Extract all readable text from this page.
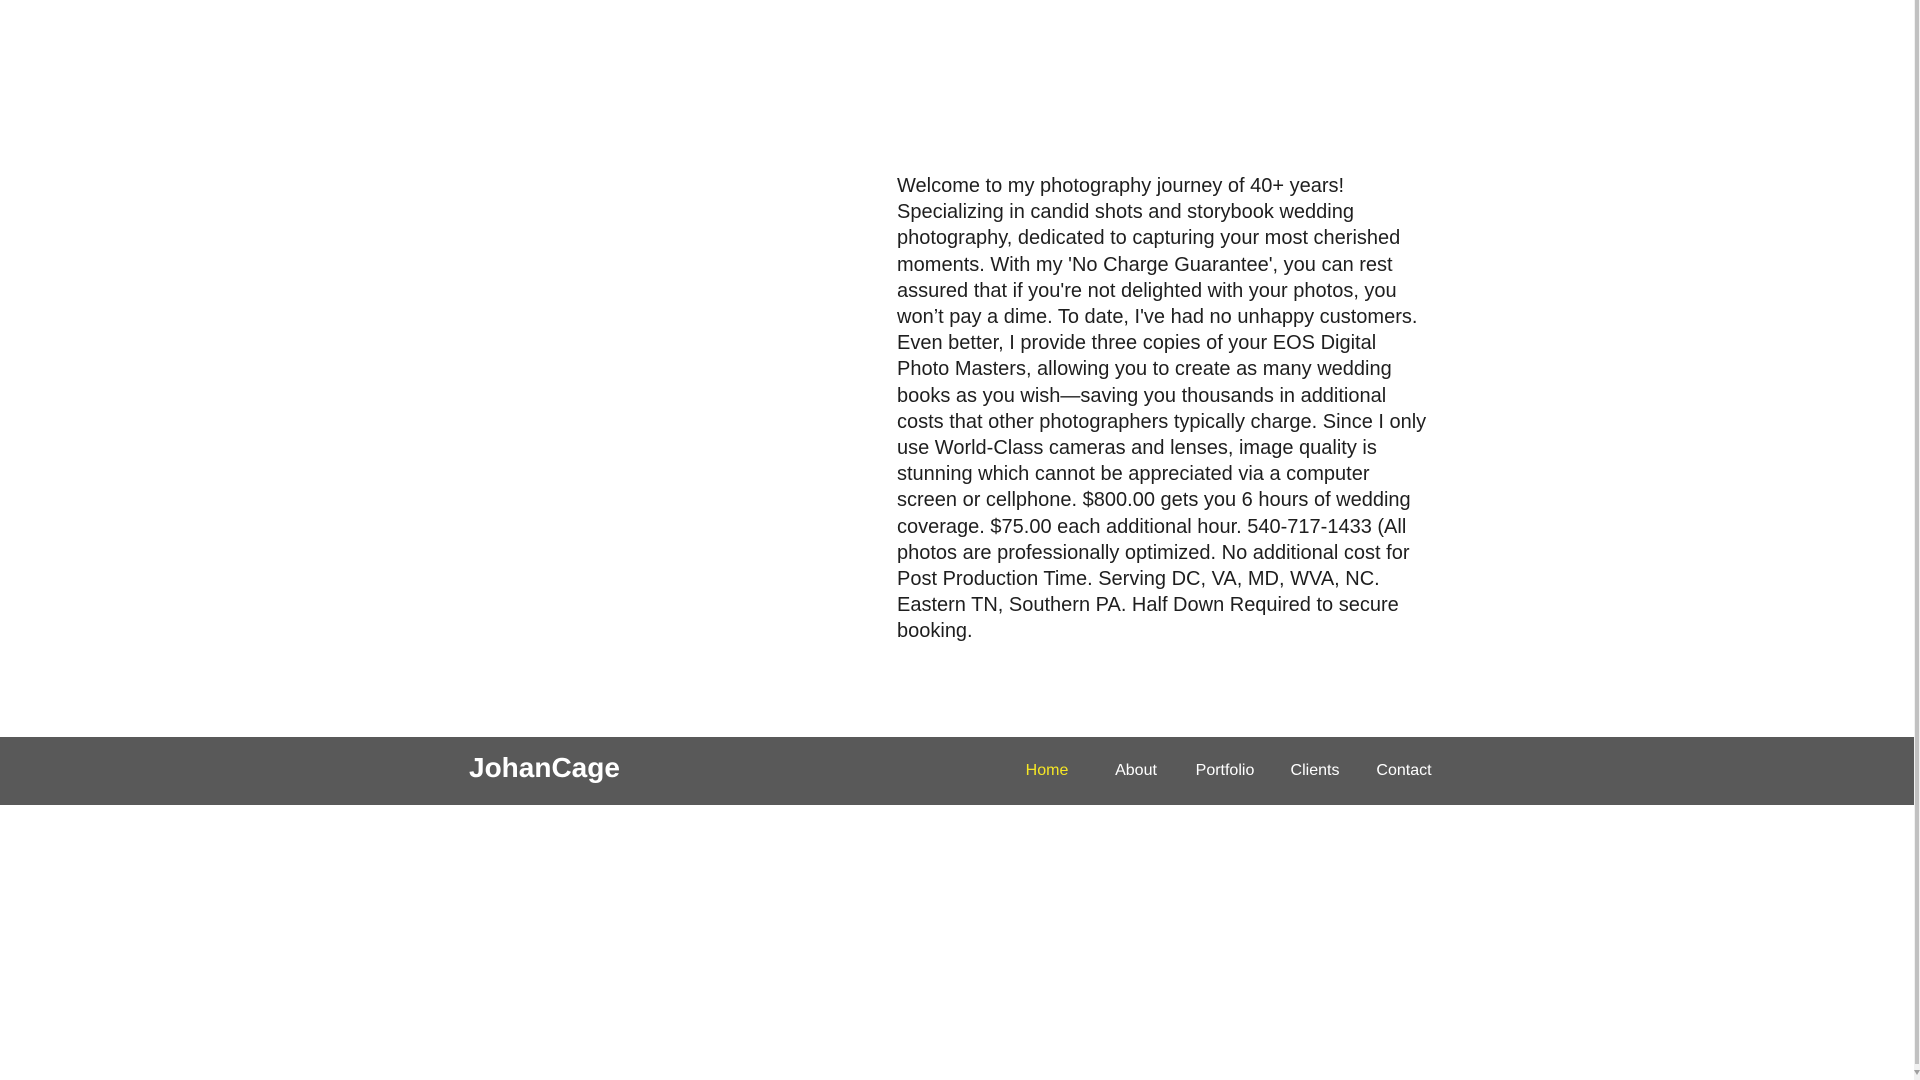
Welcome to my photography journey of 40+ years! Specializing in candid shots and storybook wedding photography, dedicated to capturing your most cherished moments. With my 'No Charge Guarantee', you can rest assured that if you're not delighted with your photos, you won’t pay a dime. To date, I've had no unhappy customers. Even better, I provide three copies of your EOS Digital Photo Masters, allowing you to create as many wedding books as you wish—saving you thousands in additional costs that other photographers typically charge. Since I only use World-Class cameras and lenses, image quality is stunning which cannot be appreciated via a computer screen or cellphone. $800.00 gets you 6 hours of wedding coverage. $75.00 each additional hour. 540-717-1433 (All photos are professionally optimized. No additional cost for Post Production Time. Serving DC, VA, MD, WVA, NC. Eastern TN, Southern PA. Half Down Required to secure booking.

JohanCage	Home	About	Portfolio	Clients	Contact
